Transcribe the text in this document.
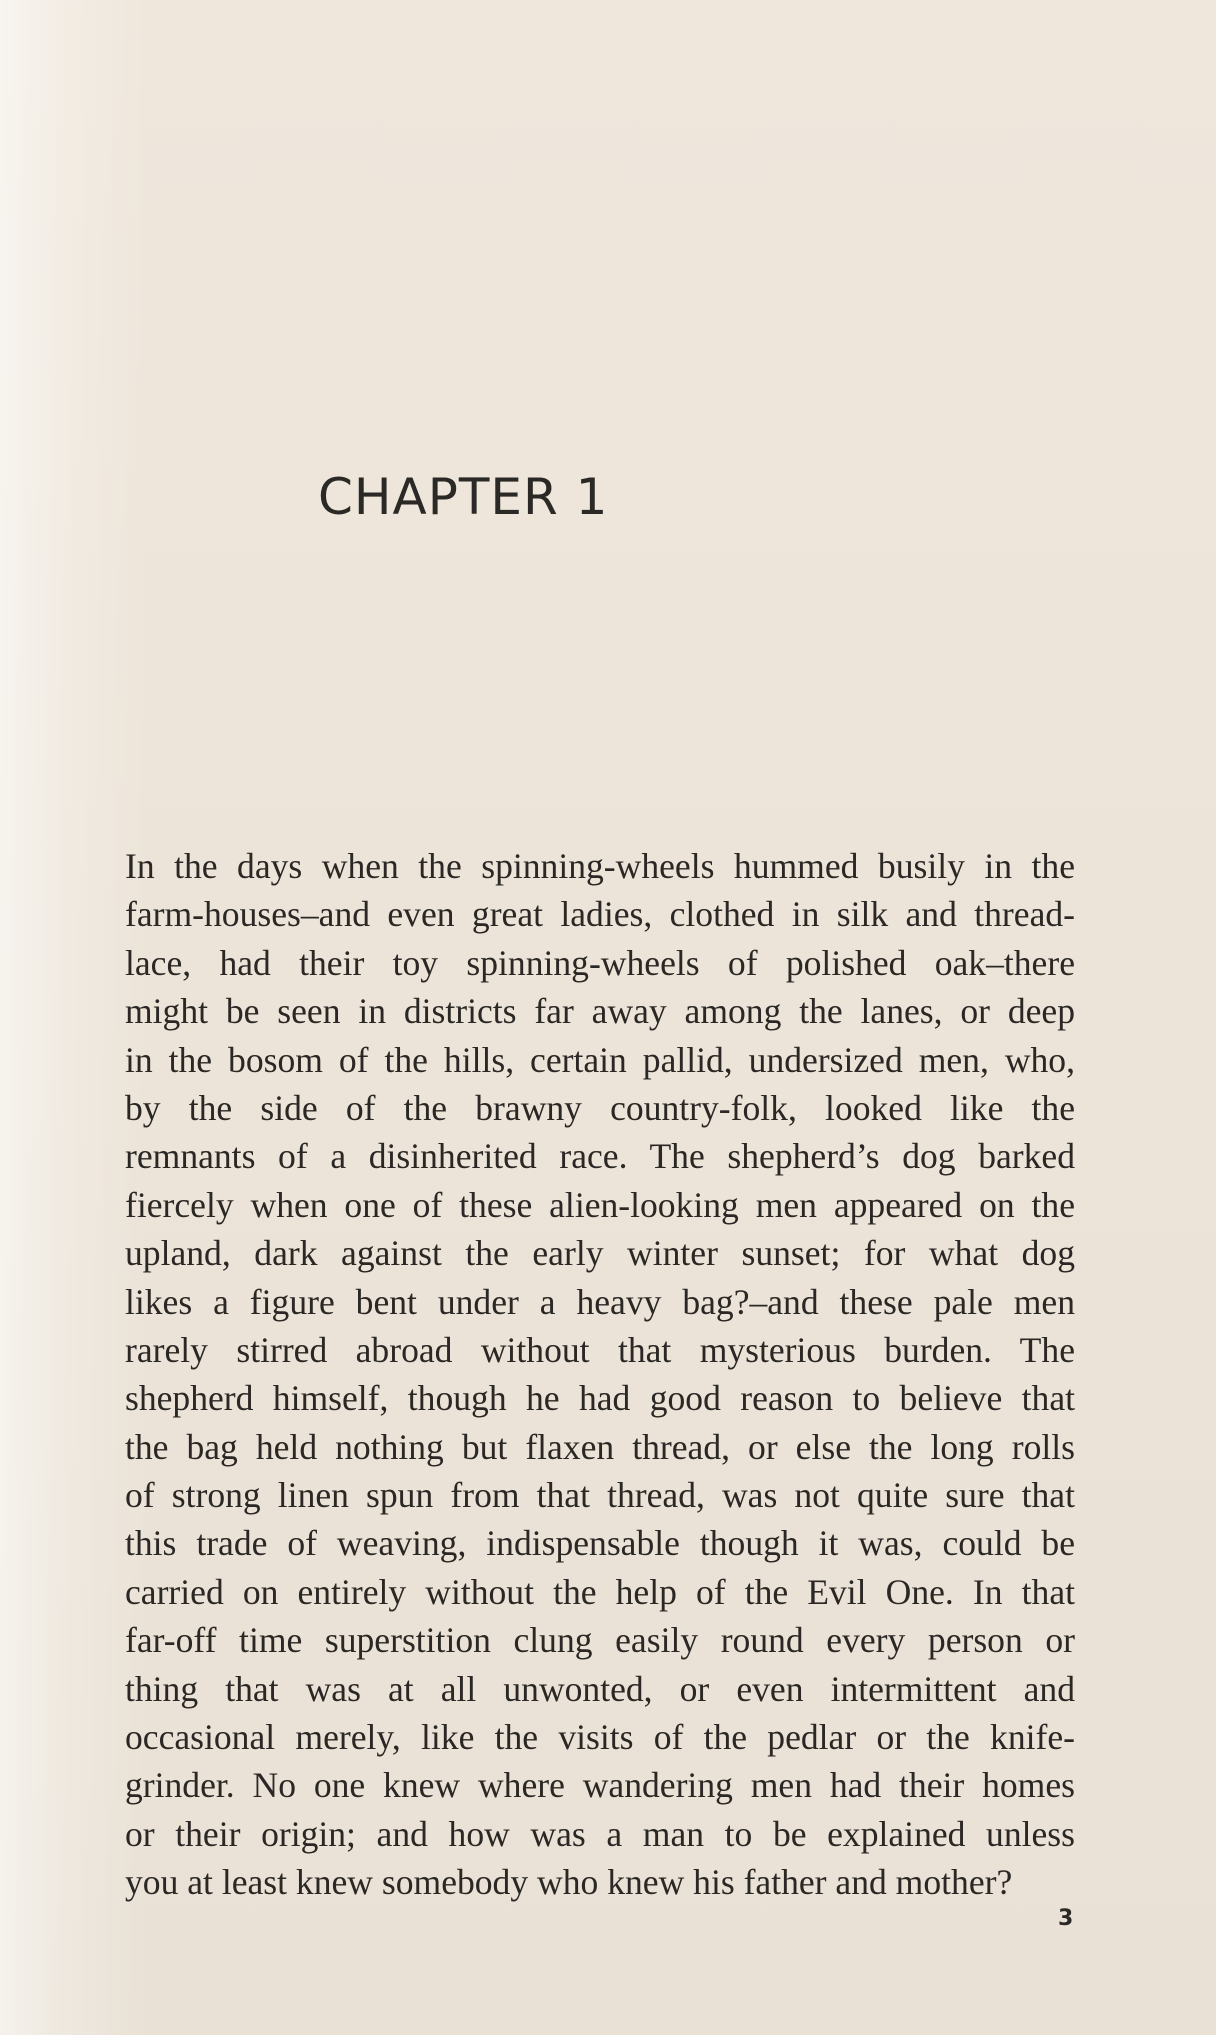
CHAPTER 1
In the days when the spinning-wheels hummed busily in the
farm-houses–and even great ladies, clothed in silk and thread-
lace, had their toy spinning-wheels of polished oak–there
might be seen in districts far away among the lanes, or deep
in the bosom of the hills, certain pallid, undersized men, who,
by the side of the brawny country-folk, looked like the
remnants of a disinherited race. The shepherd’s dog barked
fiercely when one of these alien-looking men appeared on the
upland, dark against the early winter sunset; for what dog
likes a figure bent under a heavy bag?–and these pale men
rarely stirred abroad without that mysterious burden. The
shepherd himself, though he had good reason to believe that
the bag held nothing but flaxen thread, or else the long rolls
of strong linen spun from that thread, was not quite sure that
this trade of weaving, indispensable though it was, could be
carried on entirely without the help of the Evil One. In that
far-off time superstition clung easily round every person or
thing that was at all unwonted, or even intermittent and
occasional merely, like the visits of the pedlar or the knife-
grinder. No one knew where wandering men had their homes
or their origin; and how was a man to be explained unless
you at least knew somebody who knew his father and mother?
3
